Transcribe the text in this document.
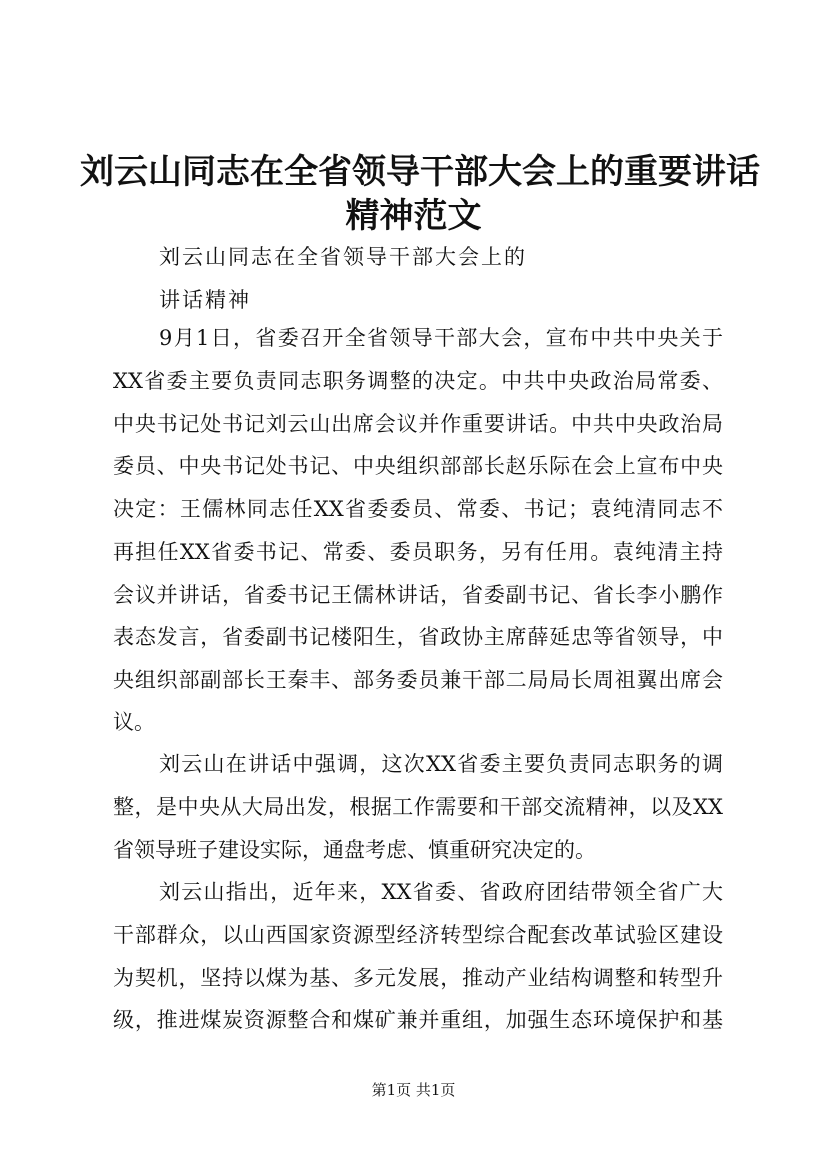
刘云山同志在全省领导干部大会上的重要讲话
精神范文
刘云山同志在全省领导干部大会上的
讲话精神
9月1日，省委召开全省领导干部大会，宣布中共中央关于
XX省委主要负责同志职务调整的决定。中共中央政治局常委、
中央书记处书记刘云山出席会议并作重要讲话。中共中央政治局
委员、中央书记处书记、中央组织部部长赵乐际在会上宣布中央
决定：王儒林同志任XX省委委员、常委、书记；袁纯清同志不
再担任XX省委书记、常委、委员职务，另有任用。袁纯清主持
会议并讲话，省委书记王儒林讲话，省委副书记、省长李小鹏作
表态发言，省委副书记楼阳生，省政协主席薛延忠等省领导，中
央组织部副部长王秦丰、部务委员兼干部二局局长周祖翼出席会
议。
刘云山在讲话中强调，这次XX省委主要负责同志职务的调
整，是中央从大局出发，根据工作需要和干部交流精神，以及XX
省领导班子建设实际，通盘考虑、慎重研究决定的。
刘云山指出，近年来，XX省委、省政府团结带领全省广大
干部群众，以山西国家资源型经济转型综合配套改革试验区建设
为契机，坚持以煤为基、多元发展，推动产业结构调整和转型升
级，推进煤炭资源整合和煤矿兼并重组，加强生态环境保护和基
第1页 共1页
